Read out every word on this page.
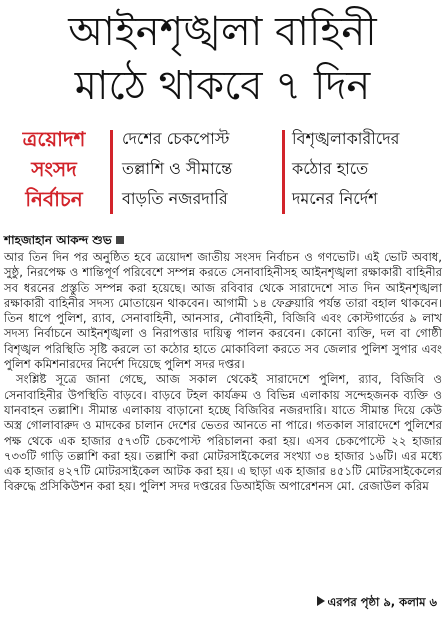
আইনশৃঙ্খলা বাহিনী
মাঠে থাকবে ৭ দিন
ত্রয়োদশ
সংসদ
নির্বাচন
দেশের চেকপোস্ট
তল্লাশি ও সীমান্তে
বাড়তি নজরদারি
বিশৃঙ্খলাকারীদের
কঠোর হাতে
দমনের নির্দেশ
শাহজাহান আকন্দ শুভ

আর তিন দিন পর অনুষ্ঠিত হবে ত্রয়োদশ জাতীয় সংসদ নির্বাচন ও গণভোট। এই ভোট অবাধ, সুষ্ঠু, নিরপেক্ষ ও শান্তিপূর্ণ পরিবেশে সম্পন্ন করতে সেনাবাহিনীসহ আইনশৃঙ্খলা রক্ষাকারী বাহিনীর সব ধরনের প্রস্তুতি সম্পন্ন করা হয়েছে। আজ রবিবার থেকে সারাদেশে সাত দিন আইনশৃঙ্খলা রক্ষাকারী বাহিনীর সদস্য মোতায়েন থাকবেন। আগামী ১৪ ফেব্রুয়ারি পর্যন্ত তারা বহাল থাকবেন। তিন ধাপে পুলিশ, র‌্যাব, সেনাবাহিনী, আনসার, নৌবাহিনী, বিজিবি এবং কোস্টগার্ডের ৯ লাখ সদস্য নির্বাচনে আইনশৃঙ্খলা ও নিরাপত্তার দায়িত্ব পালন করবেন। কোনো ব্যক্তি, দল বা গোষ্ঠী বিশৃঙ্খল পরিস্থিতি সৃষ্টি করলে তা কঠোর হাতে মোকাবিলা করতে সব জেলার পুলিশ সুপার এবং পুলিশ কমিশনারদের নির্দেশ দিয়েছে পুলিশ সদর দপ্তর।

সংশ্লিষ্ট সূত্রে জানা গেছে, আজ সকাল থেকেই সারাদেশে পুলিশ, র‌্যাব, বিজিবি ও সেনাবাহিনীর উপস্থিতি বাড়বে। বাড়বে টহল কার্যক্রম ও বিভিন্ন এলাকায় সন্দেহজনক ব্যক্তি ও যানবাহন তল্লাশি। সীমান্ত এলাকায় বাড়ানো হচ্ছে বিজিবির নজরদারি। যাতে সীমান্ত দিয়ে কেউ অস্ত্র গোলাবারুদ ও মাদকের চালান দেশের ভেতর আনতে না পারে। গতকাল সারাদেশে পুলিশের পক্ষ থেকে এক হাজার ৫৭৩টি চেকপোস্ট পরিচালনা করা হয়। এসব চেকপোস্টে ২২ হাজার ৭৩৩টি গাড়ি তল্লাশি করা হয়। তল্লাশি করা মোটরসাইকেলের সংখ্যা ৩৪ হাজার ১৬টি। এর মধ্যে এক হাজার ৪২৭টি মোটরসাইকেল আটক করা হয়। এ ছাড়া এক হাজার ৪৫১টি মোটরসাইকেলের বিরুদ্ধে প্রসিকিউশন করা হয়। পুলিশ সদর দপ্তরের ডিআইজি অপারেশনস মো. রেজাউল করিম

এরপর পৃষ্ঠা ৯, কলাম ৬
